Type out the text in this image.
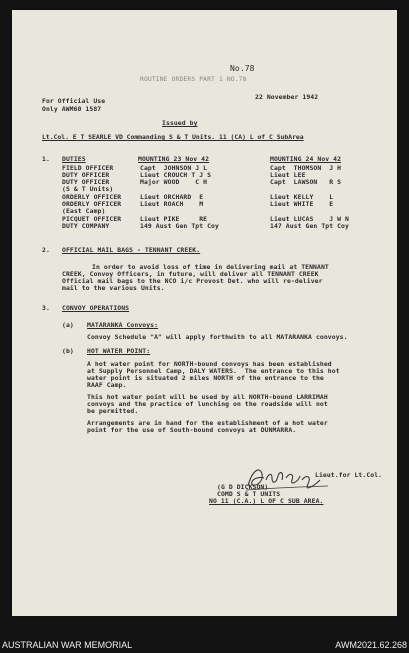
No.78
ROUTINE ORDERS PART 1 NO.78
For Official Use
Only AWM60 1587
22 November 1942
Issued by
Lt.Col. E T SEARLE VD Commanding S & T Units. 11 (CA) L of C SubArea
1. DUTIES	MOUNTING 23 Nov 42	MOUNTING 24 Nov 42
FIELD OFFICER	Capt  JOHNSON J L	Capt  THOMSON  J H
DUTY OFFICER	Lieut CROUCH T J S	Lieut LEE
DUTY OFFICER	Major WOOD    C H	Capt  LAWSON   R S
(S & T Units)
ORDERLY OFFICER	Lieut ORCHARD  E	Lieut KELLY    L
ORDERLY OFFICER	Lieut ROACH    M	Lieut WHITE    E
(East Camp)
PICQUET OFFICER	Lieut PIKE     RE	Lieut LUCAS    J W N
DUTY COMPANY	149 Aust Gen Tpt Coy	147 Aust Gen Tpt Coy
2. OFFICIAL MAIL BAGS - TENNANT CREEK.
In order to avoid loss of time in delivering mail at TENNANT
CREEK, Convoy Officers, in future, will deliver all TENNANT CREEK
Official mail bags to the NCO i/c Provost Det. who will re-deliver
mail to the various Units.
3. CONVOY OPERATIONS
(a) MATARANKA Convoys:
Convoy Schedule "A" will apply forthwith to all MATARANKA convoys.
(b) HOT WATER POINT:
A hot water point for NORTH-bound convoys has been established
at Supply Personnel Camp, DALY WATERS.  The entrance to this hot
water point is situated 2 miles NORTH of the entrance to the
RAAF Camp.
This hot water point will be used by all NORTH-bound LARRIMAH
convoys and the practice of lunching on the roadside will not
be permitted.
Arrangements are in hand for the establishment of a hot water
point for the use of South-bound convoys at DUNMARRA.
Lieut.for Lt.Col.
(G D DICKSON)
COMD S & T UNITS
NO 11 (C.A.) L OF C SUB AREA.
AUSTRALIAN WAR MEMORIAL	AWM2021.62.268
